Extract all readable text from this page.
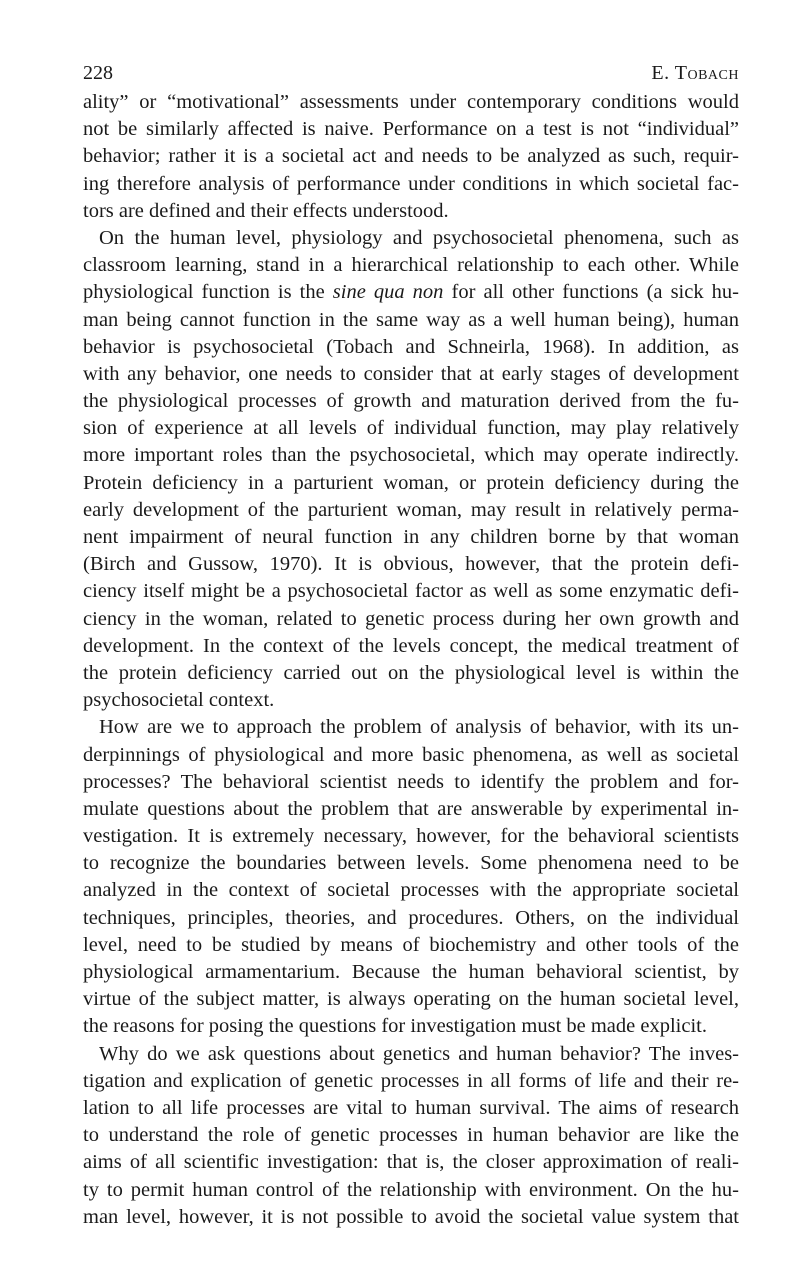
228	E. Tobach
ality” or “motivational” assessments under contemporary conditions would
not be similarly affected is naive. Performance on a test is not “individual”
behavior; rather it is a societal act and needs to be analyzed as such, requir-
ing therefore analysis of performance under conditions in which societal fac-
tors are defined and their effects understood.
On the human level, physiology and psychosocietal phenomena, such as
classroom learning, stand in a hierarchical relationship to each other. While
physiological function is the sine qua non for all other functions (a sick hu-
man being cannot function in the same way as a well human being), human
behavior is psychosocietal (Tobach and Schneirla, 1968). In addition, as
with any behavior, one needs to consider that at early stages of development
the physiological processes of growth and maturation derived from the fu-
sion of experience at all levels of individual function, may play relatively
more important roles than the psychosocietal, which may operate indirectly.
Protein deficiency in a parturient woman, or protein deficiency during the
early development of the parturient woman, may result in relatively perma-
nent impairment of neural function in any children borne by that woman
(Birch and Gussow, 1970). It is obvious, however, that the protein defi-
ciency itself might be a psychosocietal factor as well as some enzymatic defi-
ciency in the woman, related to genetic process during her own growth and
development. In the context of the levels concept, the medical treatment of
the protein deficiency carried out on the physiological level is within the
psychosocietal context.
How are we to approach the problem of analysis of behavior, with its un-
derpinnings of physiological and more basic phenomena, as well as societal
processes? The behavioral scientist needs to identify the problem and for-
mulate questions about the problem that are answerable by experimental in-
vestigation. It is extremely necessary, however, for the behavioral scientists
to recognize the boundaries between levels. Some phenomena need to be
analyzed in the context of societal processes with the appropriate societal
techniques, principles, theories, and procedures. Others, on the individual
level, need to be studied by means of biochemistry and other tools of the
physiological armamentarium. Because the human behavioral scientist, by
virtue of the subject matter, is always operating on the human societal level,
the reasons for posing the questions for investigation must be made explicit.
Why do we ask questions about genetics and human behavior? The inves-
tigation and explication of genetic processes in all forms of life and their re-
lation to all life processes are vital to human survival. The aims of research
to understand the role of genetic processes in human behavior are like the
aims of all scientific investigation: that is, the closer approximation of reali-
ty to permit human control of the relationship with environment. On the hu-
man level, however, it is not possible to avoid the societal value system that
